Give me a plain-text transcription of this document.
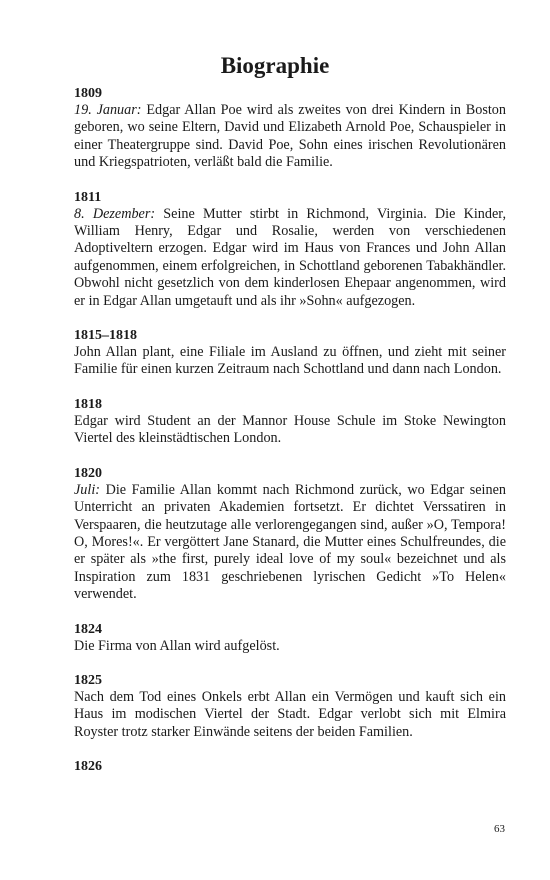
Biographie
1809

19. Januar: Edgar Allan Poe wird als zweites von drei Kindern in Boston geboren, wo seine Eltern, David und Elizabeth Arnold Poe, Schauspieler in einer Theatergruppe sind. David Poe, Sohn eines irischen Revolutionären und Kriegspatrioten, verläßt bald die Familie.

1811

8. Dezember: Seine Mutter stirbt in Richmond, Virginia. Die Kinder, William Henry, Edgar und Rosalie, werden von verschiedenen Adoptiveltern erzogen. Edgar wird im Haus von Frances und John Allan aufgenommen, einem erfolgreichen, in Schottland geborenen Tabakhändler. Obwohl nicht gesetzlich von dem kinderlosen Ehepaar angenommen, wird er in Edgar Allan umgetauft und als ihr »Sohn« aufgezogen.

1815–1818

John Allan plant, eine Filiale im Ausland zu öffnen, und zieht mit seiner Familie für einen kurzen Zeitraum nach Schottland und dann nach London.

1818

Edgar wird Student an der Mannor House Schule im Stoke Newington Viertel des kleinstädtischen London.

1820

Juli: Die Familie Allan kommt nach Richmond zurück, wo Edgar seinen Unterricht an privaten Akademien fortsetzt. Er dichtet Verssatiren in Verspaaren, die heutzutage alle verlorengegangen sind, außer »O, Tempora! O, Mores!«. Er vergöttert Jane Stanard, die Mutter eines Schulfreundes, die er später als »the first, purely ideal love of my soul« bezeichnet und als Inspiration zum 1831 geschriebenen lyrischen Gedicht »To Helen« verwendet.

1824

Die Firma von Allan wird aufgelöst.

1825

Nach dem Tod eines Onkels erbt Allan ein Vermögen und kauft sich ein Haus im modischen Viertel der Stadt. Edgar verlobt sich mit Elmira Royster trotz starker Einwände seitens der beiden Familien.

1826
63
